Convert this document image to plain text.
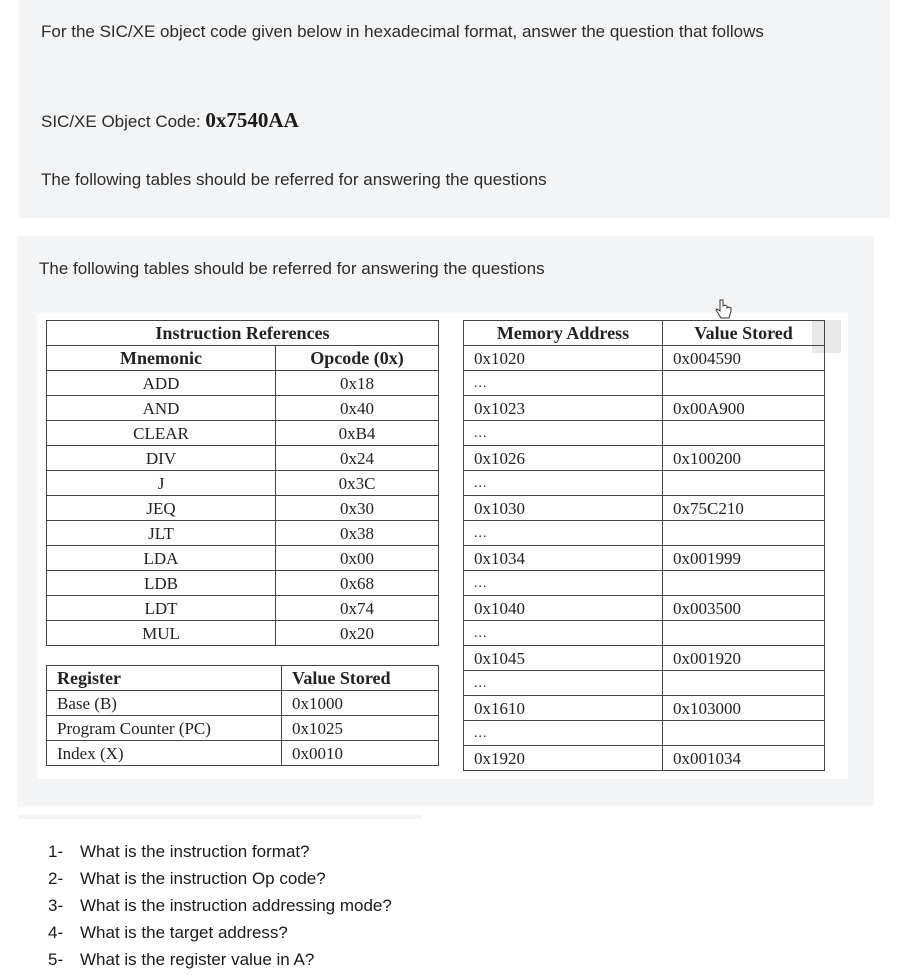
For the SIC/XE object code given below in hexadecimal format, answer the question that follows
SIC/XE Object Code: 0x7540AA
The following tables should be referred for answering the questions
The following tables should be referred for answering the questions
Instruction References	
Mnemonic	Opcode (0x)
ADD	0x18
AND	0x40
CLEAR	0xB4
DIV	0x24
J	0x3C
JEQ	0x30
JLT	0x38
LDA	0x00
LDB	0x68
LDT	0x74
MUL	0x20
Register	Value Stored
Base (B)	0x1000
Program Counter (PC)	0x1025
Index (X)	0x0010
Memory Address	Value Stored
0x1020	0x004590
...	
0x1023	0x00A900
...	
0x1026	0x100200
...	
0x1030	0x75C210
...	
0x1034	0x001999
...	
0x1040	0x003500
...	
0x1045	0x001920
...	
0x1610	0x103000
...	
0x1920	0x001034
1- What is the instruction format?
2- What is the instruction Op code?
3- What is the instruction addressing mode?
4- What is the target address?
5- What is the register value in A?
